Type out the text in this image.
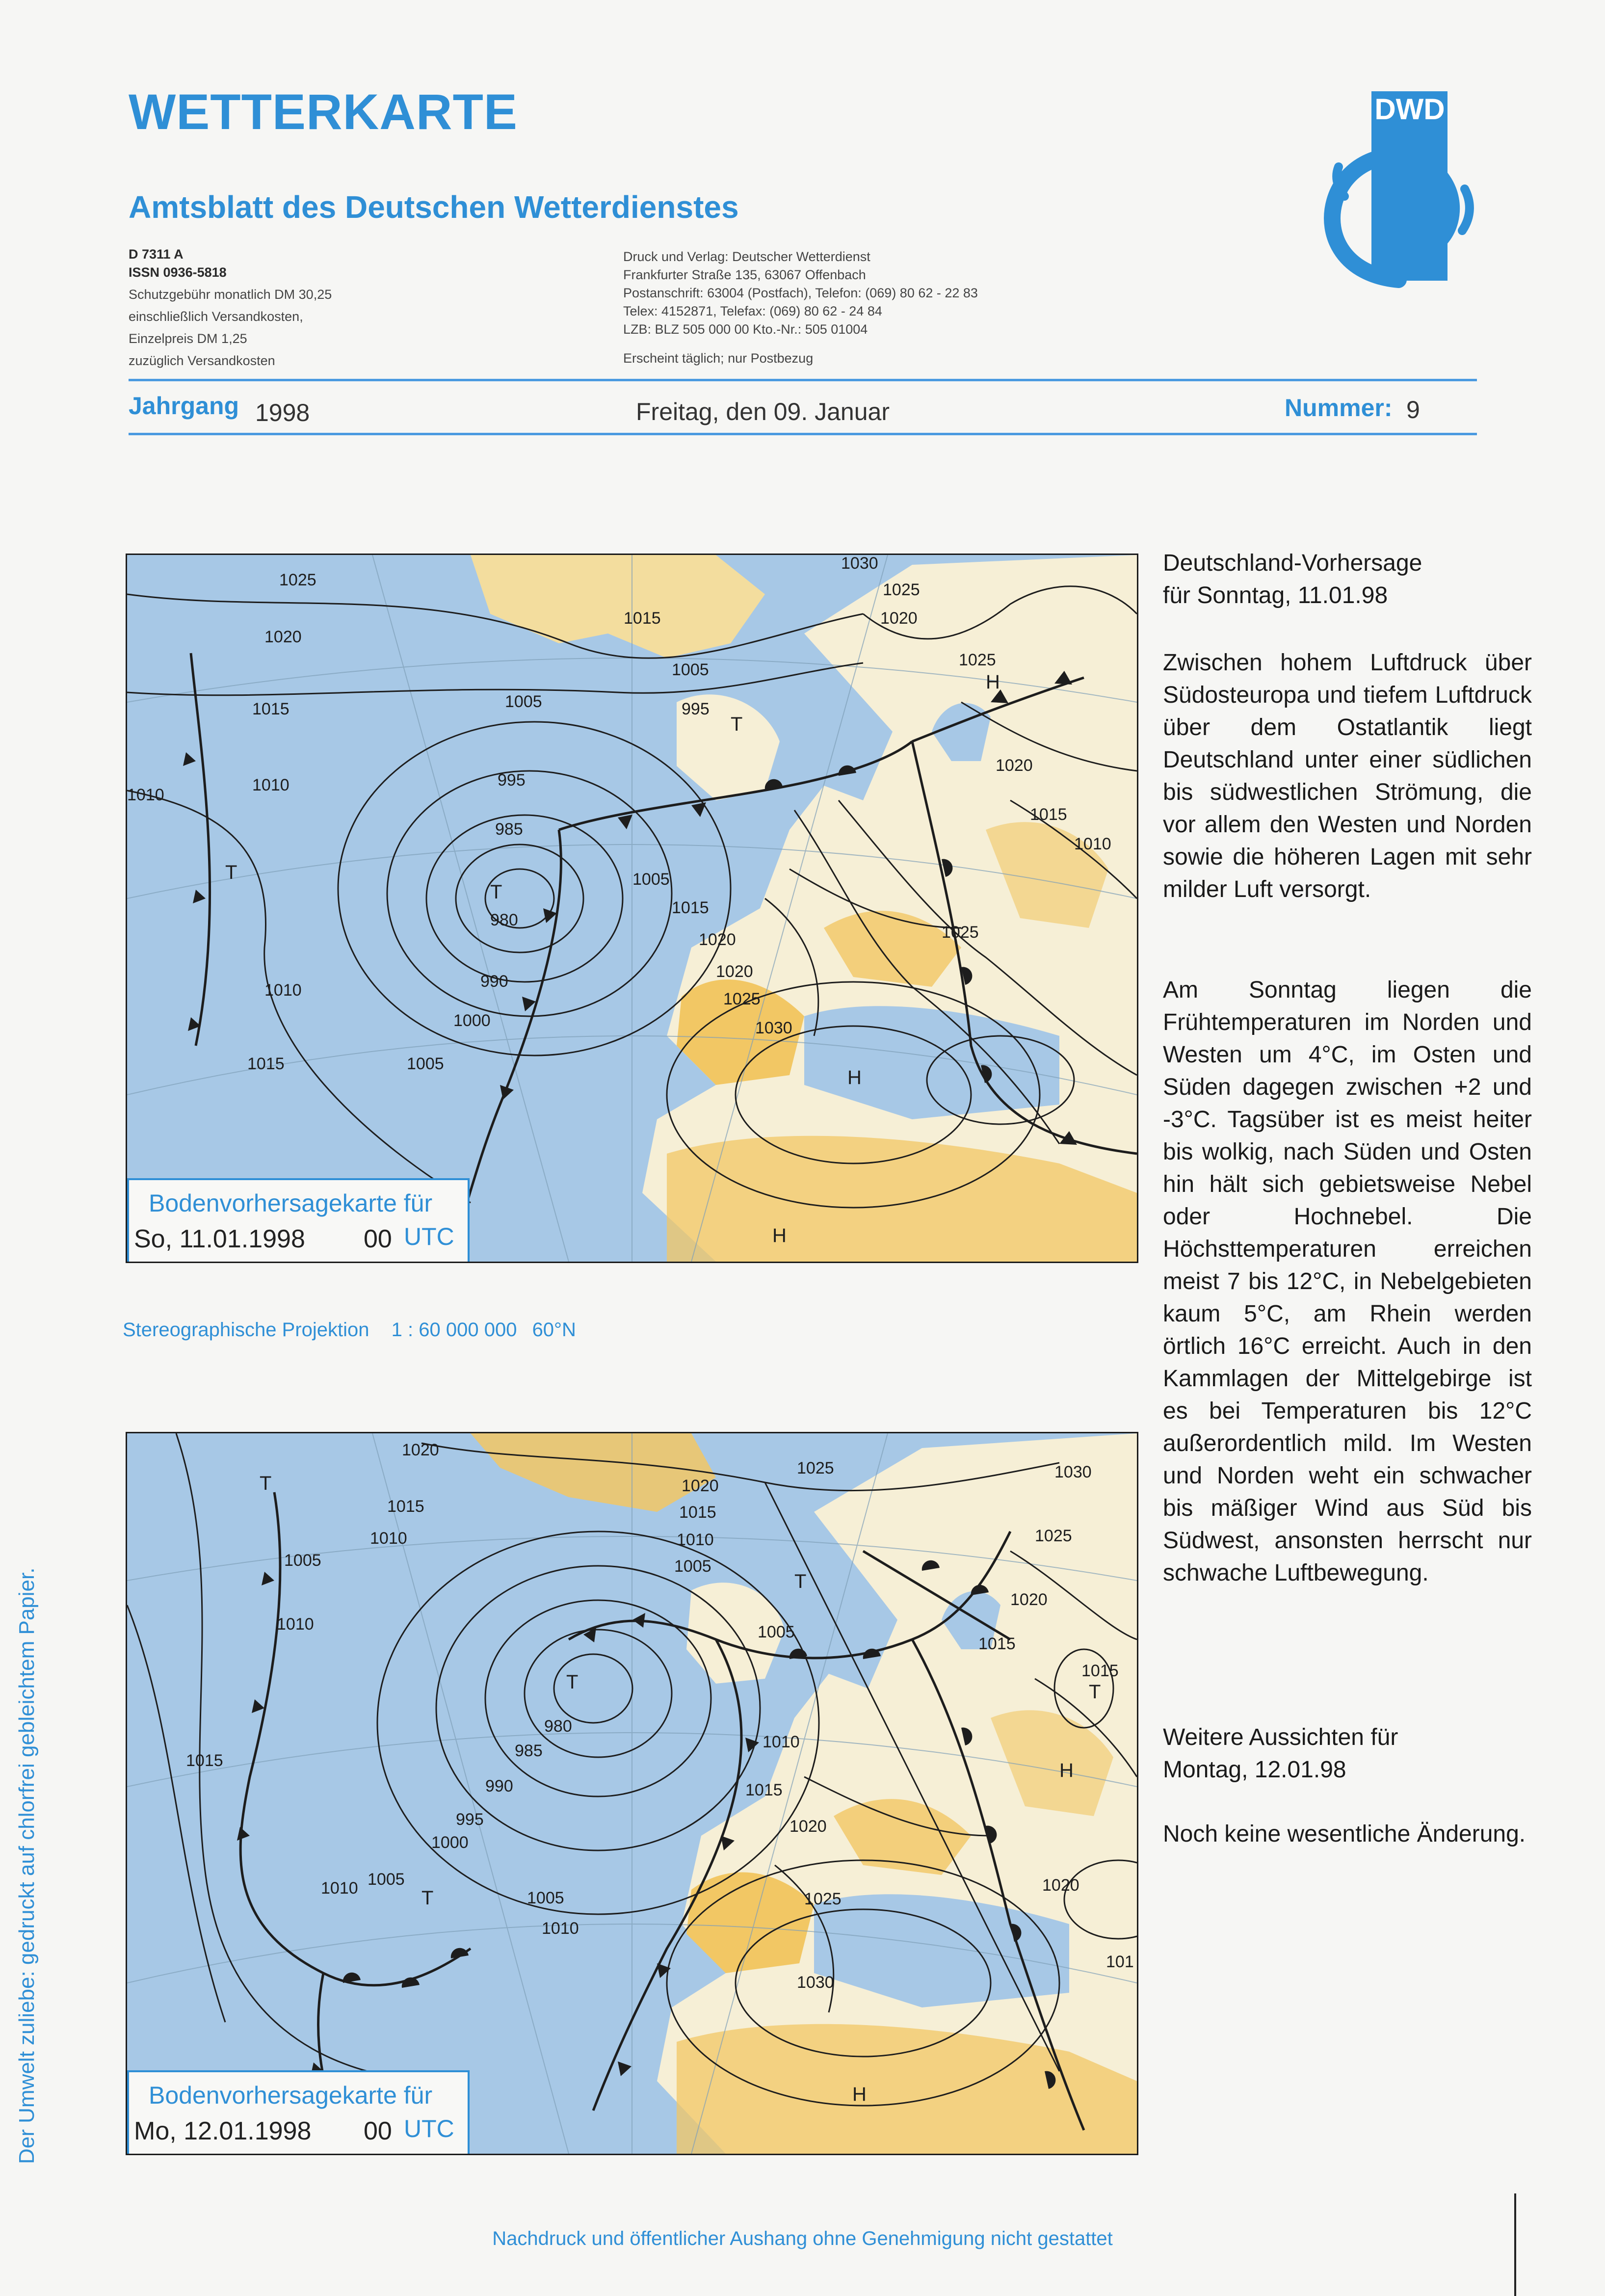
WETTERKARTE	DWD
Amtsblatt des Deutschen Wetterdienstes
D 7311 A
ISSN 0936-5818
Schutzgebühr monatlich DM 30,25
einschließlich Versandkosten,
Einzelpreis DM 1,25
zuzüglich Versandkosten
Druck und Verlag: Deutscher Wetterdienst
Frankfurter Straße 135, 63067 Offenbach
Postanschrift: 63004 (Postfach), Telefon: (069) 80 62 - 22 83
Telex: 4152871, Telefax: (069) 80 62 - 24 84
LZB: BLZ 505 000 00 Kto.-Nr.: 505 01004
Erscheint täglich; nur Postbezug
Jahrgang 1998	Freitag, den 09. Januar	Nummer: 9
1025
1020
1015
1010
1010
1010
1015	1005
995
985
980
990
1000
1005
1015
1020
1005	995
1005
1015
1020
1025
1030
1030
1025
1020
1025
1020
1015
1010
1025
T
T
T
H
H
H
Bodenvorhersagekarte für
So, 11.01.1998 00 UTC
Stereographische Projektion 1 : 60 000 000 60°N
1020
1015
1010
1005
1010
1015
980
985
990
995
1000
1010 1005
1005
1010
1020
1015
1010
1005
1025
1005
1010
1015
1020
1025
1030
1030
1025
1020
1015
1015
1020
101
T
T
T
T
T
H
H
Bodenvorhersagekarte für
Mo, 12.01.1998 00 UTC
Deutschland-Vorhersage
für Sonntag, 11.01.98
Zwischen hohem Luftdruck über Südosteuropa und tiefem Luftdruck über dem Ostatlantik liegt Deutschland unter einer südlichen bis südwestlichen Strömung, die vor allem den Westen und Norden sowie die höheren Lagen mit sehr milder Luft versorgt.
Am Sonntag liegen die Frühtemperaturen im Norden und Westen um 4°C, im Osten und Süden dagegen zwischen +2 und -3°C. Tagsüber ist es meist heiter bis wolkig, nach Süden und Osten hin hält sich gebietsweise Nebel oder Hochnebel. Die Höchsttemperaturen erreichen meist 7 bis 12°C, in Nebelgebieten kaum 5°C, am Rhein werden örtlich 16°C erreicht. Auch in den Kammlagen der Mittelgebirge ist es bei Temperaturen bis 12°C außerordentlich mild. Im Westen und Norden weht ein schwacher bis mäßiger Wind aus Süd bis Südwest, ansonsten herrscht nur schwache Luftbewegung.
Weitere Aussichten für
Montag, 12.01.98
Noch keine wesentliche Änderung.
Der Umwelt zuliebe: gedruckt auf chlorfrei gebleichtem Papier.
Nachdruck und öffentlicher Aushang ohne Genehmigung nicht gestattet
